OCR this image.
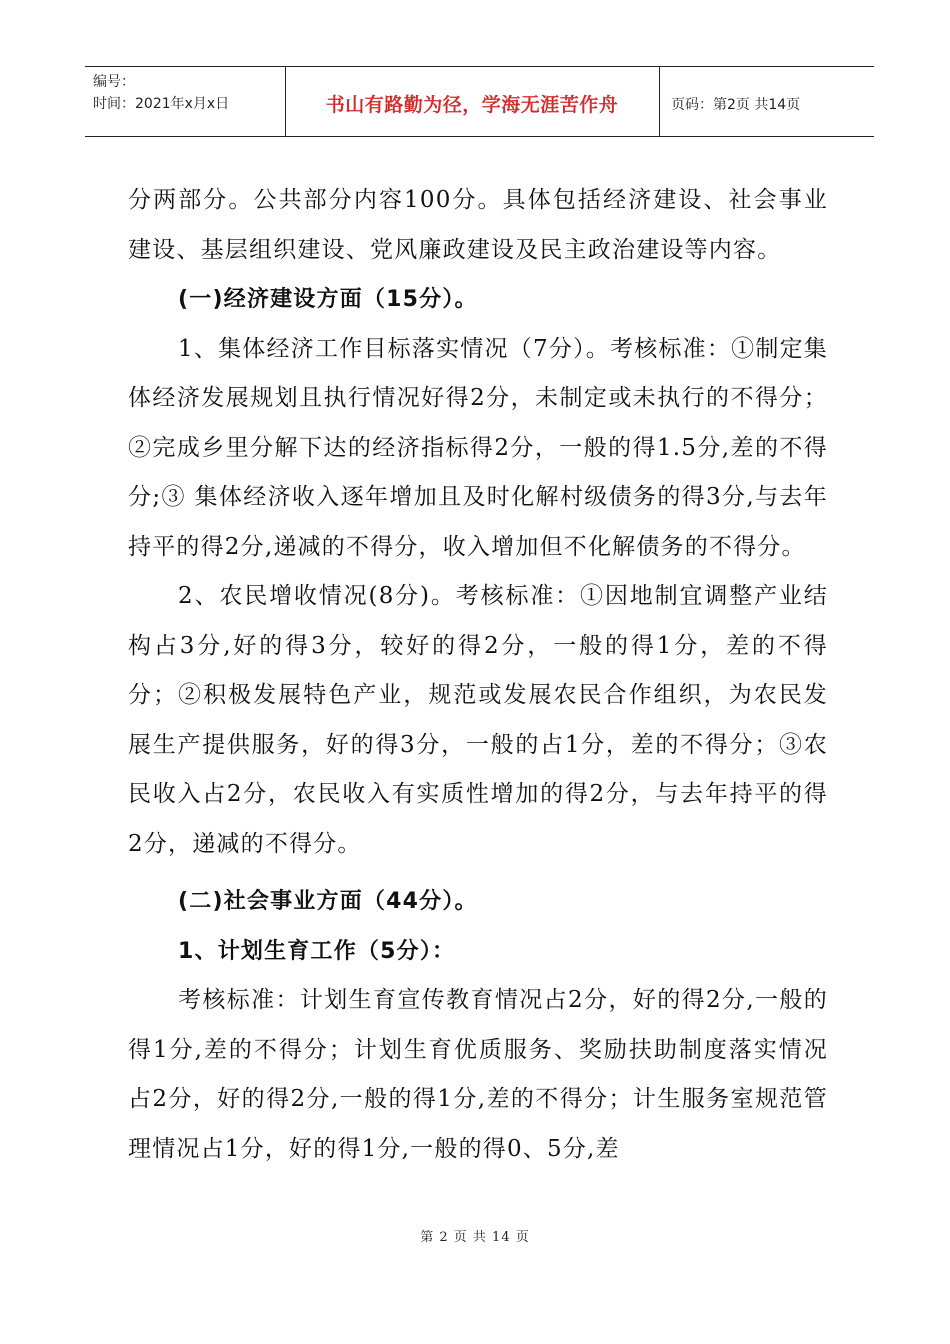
编号：
时间：2021年x月x日	书山有路勤为径，学海无涯苦作舟	页码：第2页 共14页

分两部分。公共部分内容100分。具体包括经济建设、社会事业建设、基层组织建设、党风廉政建设及民主政治建设等内容。

(一)经济建设方面（15分）。

1、集体经济工作目标落实情况（7分）。考核标准：①制定集体经济发展规划且执行情况好得2分，未制定或未执行的不得分；②完成乡里分解下达的经济指标得2分，一般的得1.5分,差的不得分;③ 集体经济收入逐年增加且及时化解村级债务的得3分,与去年持平的得2分,递减的不得分，收入增加但不化解债务的不得分。

2、农民增收情况(8分)。考核标准：①因地制宜调整产业结构占3分,好的得3分，较好的得2分，一般的得1分，差的不得分；②积极发展特色产业，规范或发展农民合作组织，为农民发展生产提供服务，好的得3分，一般的占1分，差的不得分；③农民收入占2分，农民收入有实质性增加的得2分，与去年持平的得2分，递减的不得分。

(二)社会事业方面（44分）。

1、计划生育工作（5分）：

考核标准：计划生育宣传教育情况占2分，好的得2分,一般的得1分,差的不得分；计划生育优质服务、奖励扶助制度落实情况占2分，好的得2分,一般的得1分,差的不得分；计生服务室规范管理情况占1分，好的得1分,一般的得0、5分,差

第 2 页 共 14 页
